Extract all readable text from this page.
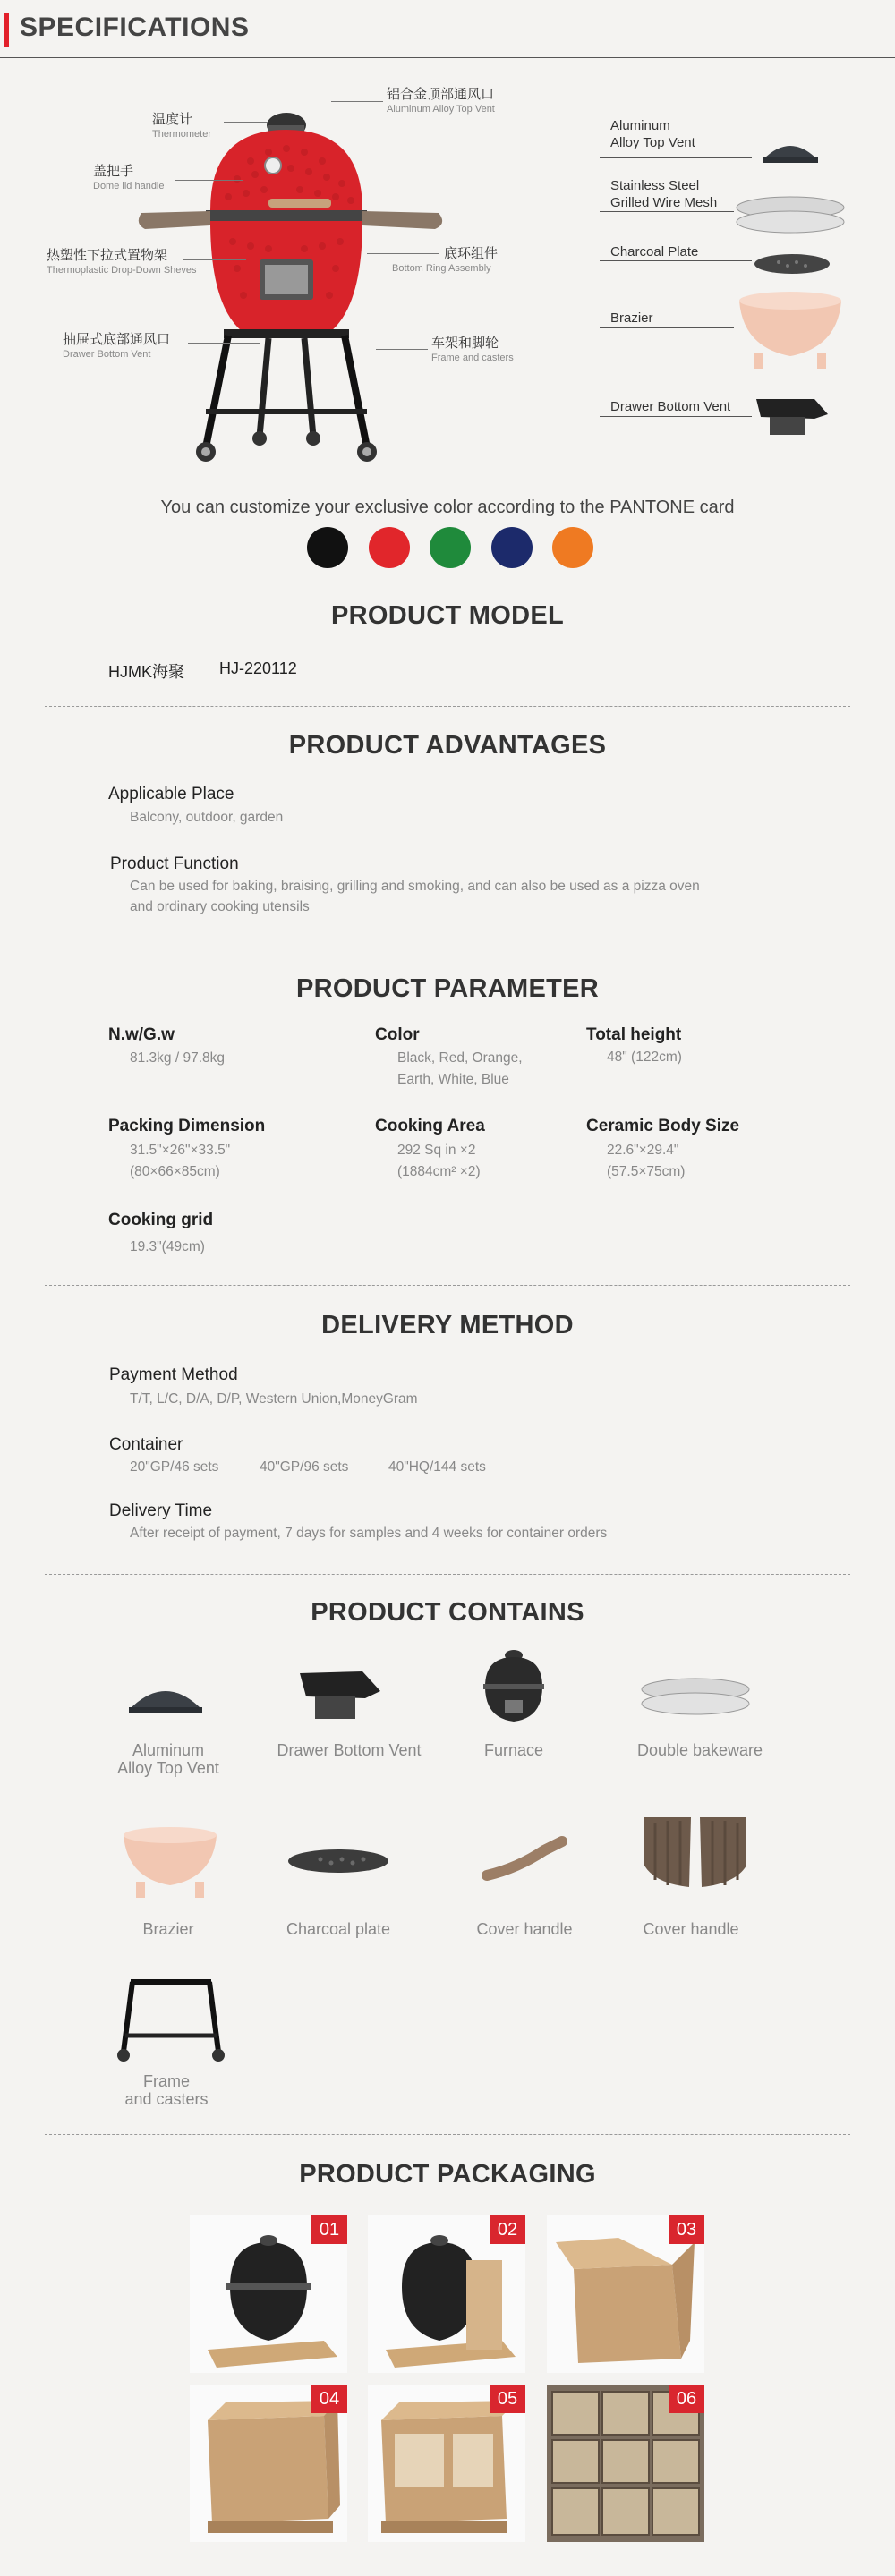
SPECIFICATIONS
铝合金顶部通风口
Aluminum Alloy Top Vent
温度计
Thermometer
盖把手
Dome lid handle
热塑性下拉式置物架
Thermoplastic Drop-Down Sheves
底环组件
Bottom Ring Assembly
抽屉式底部通风口
Drawer Bottom Vent
车架和脚轮
Frame and casters
Aluminum
Alloy Top Vent
Stainless Steel
Grilled Wire Mesh
Charcoal Plate
Brazier
Drawer Bottom Vent
You can customize your exclusive color according to the PANTONE card
PRODUCT MODEL
HJMK海聚 HJ-220112
PRODUCT ADVANTAGES
Applicable Place
Balcony, outdoor, garden
Product Function
Can be used for baking, braising, grilling and smoking, and can also be used as a pizza oven
and ordinary cooking utensils
PRODUCT PARAMETER
N.w/G.w
81.3kg / 97.8kg
Color
Black, Red, Orange,
Earth, White, Blue
Total height
48" (122cm)
Packing Dimension
31.5"×26"×33.5"
(80×66×85cm)
Cooking Area
292 Sq in ×2
(1884cm² ×2)
Ceramic Body Size
22.6"×29.4"
(57.5×75cm)
Cooking grid
19.3"(49cm)
DELIVERY METHOD
Payment Method
T/T, L/C, D/A, D/P, Western Union,MoneyGram
Container
20"GP/46 sets	40"GP/96 sets	40"HQ/144 sets
Delivery Time
After receipt of payment, 7 days for samples and 4 weeks for container orders
PRODUCT CONTAINS
Aluminum
Alloy Top Vent
Drawer Bottom Vent	Furnace	Double bakeware
Brazier	Charcoal plate	Cover handle	Cover handle
Frame
and casters
PRODUCT PACKAGING
01	02	03
04	05	06
